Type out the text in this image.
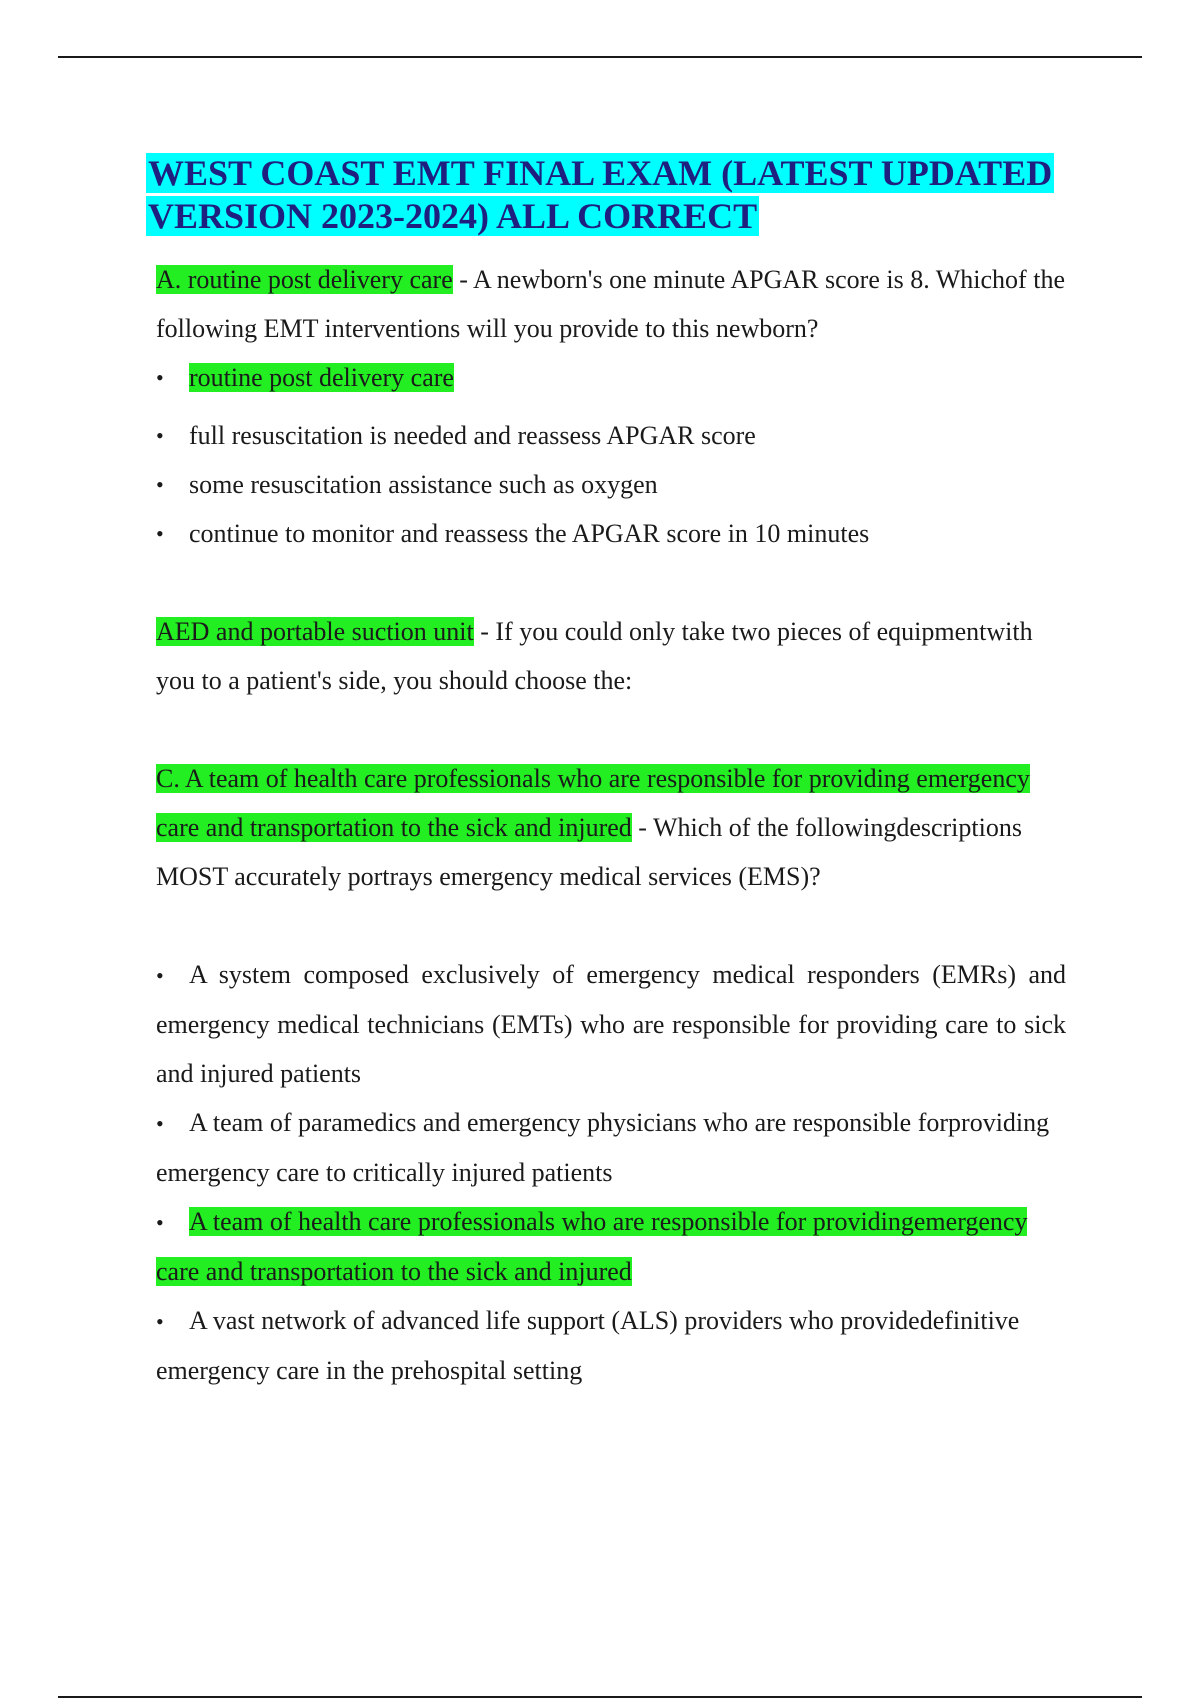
WEST COAST EMT FINAL EXAM (LATEST UPDATED
VERSION 2023-2024) ALL CORRECT

A. routine post delivery care - A newborn's one minute APGAR score is 8. Whichof the following EMT interventions will you provide to this newborn?

• routine post delivery care
• full resuscitation is needed and reassess APGAR score
• some resuscitation assistance such as oxygen
• continue to monitor and reassess the APGAR score in 10 minutes

AED and portable suction unit - If you could only take two pieces of equipmentwith you to a patient's side, you should choose the:

C. A team of health care professionals who are responsible for providing emergency care and transportation to the sick and injured - Which of the followingdescriptions MOST accurately portrays emergency medical services (EMS)?

• A system composed exclusively of emergency medical responders (EMRs) and emergency medical technicians (EMTs) who are responsible for providing care to sick and injured patients
• A team of paramedics and emergency physicians who are responsible forproviding emergency care to critically injured patients
• A team of health care professionals who are responsible for providingemergency care and transportation to the sick and injured
• A vast network of advanced life support (ALS) providers who providedefinitive emergency care in the prehospital setting
